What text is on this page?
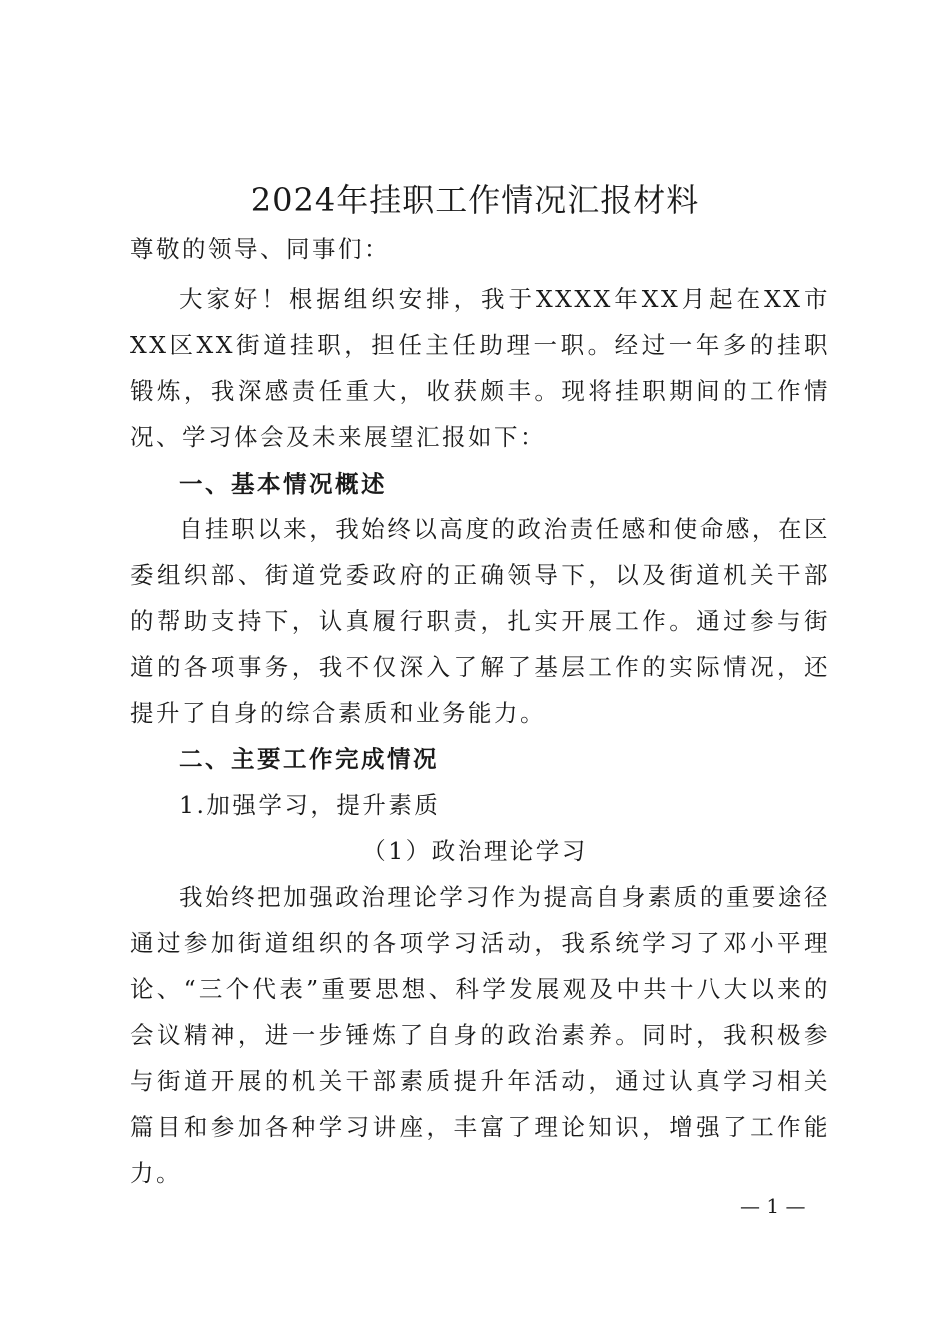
2024年挂职工作情况汇报材料
尊敬的领导、同事们：
大家好！根据组织安排，我于XXXX年XX月起在XX市XX区XX街道挂职，担任主任助理一职。经过一年多的挂职锻炼，我深感责任重大，收获颇丰。现将挂职期间的工作情况、学习体会及未来展望汇报如下：
一、基本情况概述
自挂职以来，我始终以高度的政治责任感和使命感，在区委组织部、街道党委政府的正确领导下，以及街道机关干部的帮助支持下，认真履行职责，扎实开展工作。通过参与街道的各项事务，我不仅深入了解了基层工作的实际情况，还提升了自身的综合素质和业务能力。
二、主要工作完成情况
1.加强学习，提升素质
（1）政治理论学习
我始终把加强政治理论学习作为提高自身素质的重要途径通过参加街道组织的各项学习活动，我系统学习了邓小平理论、“三个代表”重要思想、科学发展观及中共十八大以来的会议精神，进一步锤炼了自身的政治素养。同时，我积极参与街道开展的机关干部素质提升年活动，通过认真学习相关篇目和参加各种学习讲座，丰富了理论知识，增强了工作能力。
— 1 —
